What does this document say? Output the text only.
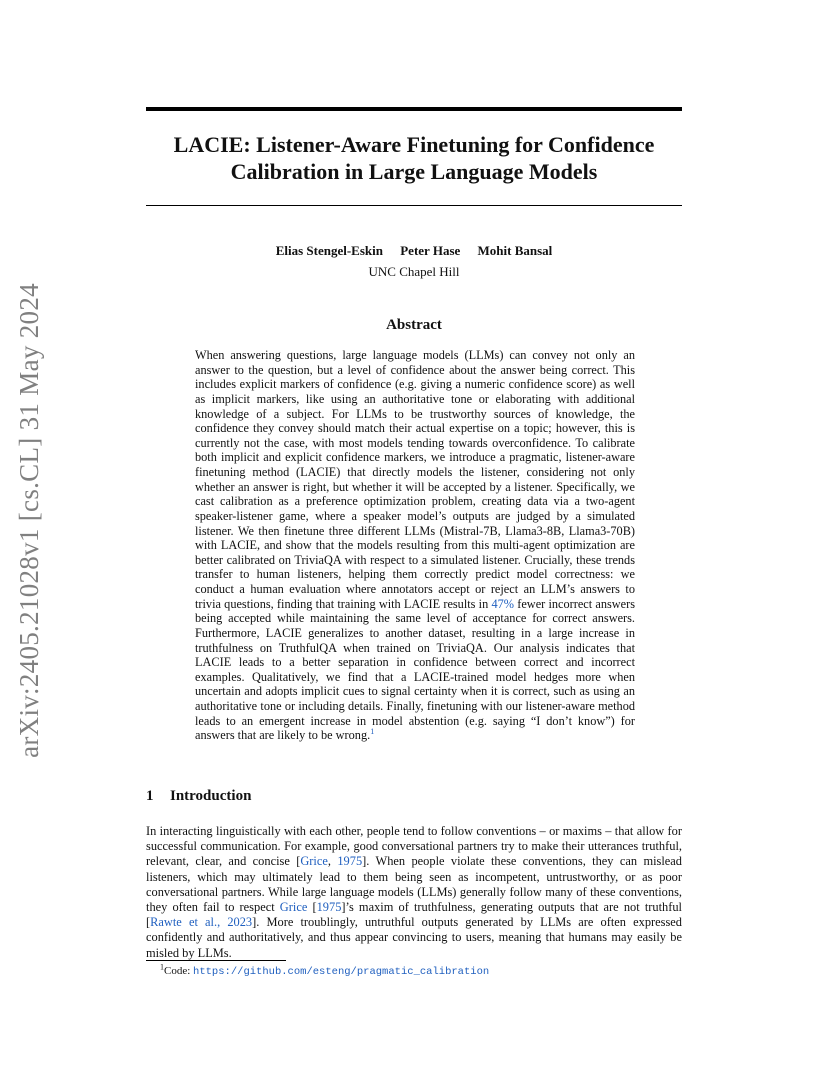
arXiv:2405.21028v1 [cs.CL] 31 May 2024
LACIE: Listener-Aware Finetuning for Confidence
Calibration in Large Language Models
Elias Stengel-Eskin Peter Hase Mohit Bansal
UNC Chapel Hill
Abstract

When answering questions, large language models (LLMs) can convey not only an answer to the question, but a level of confidence about the answer being correct. This includes explicit markers of confidence (e.g. giving a numeric confidence score) as well as implicit markers, like using an authoritative tone or elaborating with additional knowledge of a subject. For LLMs to be trustworthy sources of knowledge, the confidence they convey should match their actual expertise on a topic; however, this is currently not the case, with most models tending towards overconfidence. To calibrate both implicit and explicit confidence markers, we introduce a pragmatic, listener-aware finetuning method (LACIE) that directly models the listener, considering not only whether an answer is right, but whether it will be accepted by a listener. Specifically, we cast calibration as a preference optimization problem, creating data via a two-agent speaker-listener game, where a speaker model’s outputs are judged by a simulated listener. We then finetune three different LLMs (Mistral-7B, Llama3-8B, Llama3-70B) with LACIE, and show that the models resulting from this multi-agent optimization are better calibrated on TriviaQA with respect to a simulated listener. Crucially, these trends transfer to human listeners, helping them correctly predict model correctness: we conduct a human evaluation where annotators accept or reject an LLM’s answers to trivia questions, finding that training with LACIE results in 47% fewer incorrect answers being accepted while maintaining the same level of acceptance for correct answers. Furthermore, LACIE generalizes to another dataset, resulting in a large increase in truthfulness on TruthfulQA when trained on TriviaQA. Our analysis indicates that LACIE leads to a better separation in confidence between correct and incorrect examples. Qualitatively, we find that a LACIE-trained model hedges more when uncertain and adopts implicit cues to signal certainty when it is correct, such as using an authoritative tone or including details. Finally, finetuning with our listener-aware method leads to an emergent increase in model abstention (e.g. saying “I don’t know”) for answers that are likely to be wrong.$^1$

1 Introduction

In interacting linguistically with each other, people tend to follow conventions – or maxims – that allow for successful communication. For example, good conversational partners try to make their utterances truthful, relevant, clear, and concise [Grice, 1975]. When people violate these conventions, they can mislead listeners, which may ultimately lead to them being seen as incompetent, untrustworthy, or as poor conversational partners. While large language models (LLMs) generally follow many of these conventions, they often fail to respect Grice [1975]’s maxim of truthfulness, generating outputs that are not truthful [Rawte et al., 2023]. More troublingly, untruthful outputs generated by LLMs are often expressed confidently and authoritatively, and thus appear convincing to users, meaning that humans may easily be misled by LLMs.

$^1$Code: https://github.com/esteng/pragmatic_calibration
